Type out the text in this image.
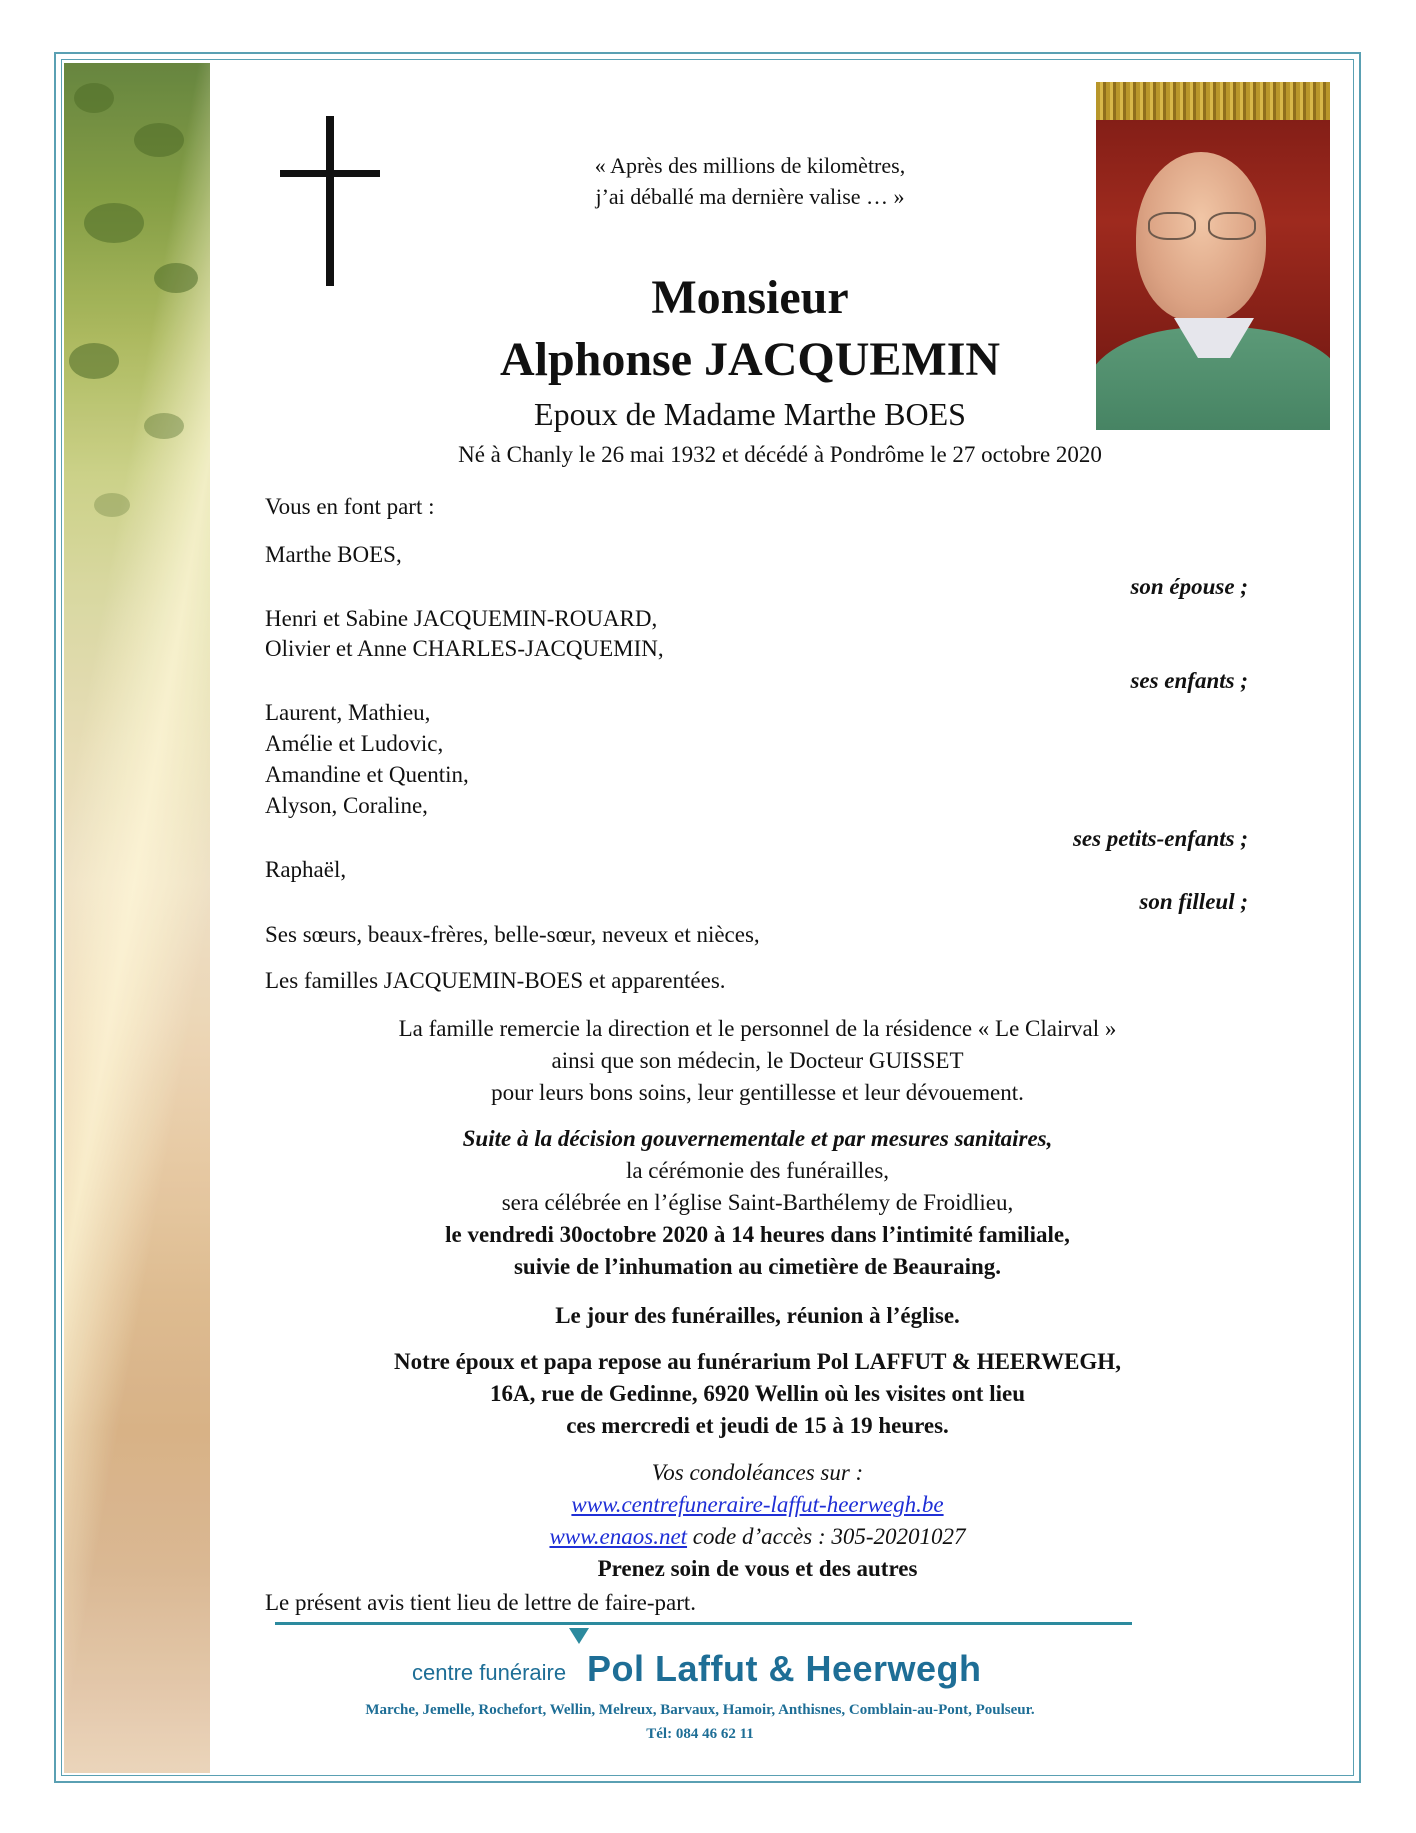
« Après des millions de kilomètres,
j’ai déballé ma dernière valise … »
Monsieur
Alphonse JACQUEMIN
Epoux de Madame Marthe BOES
Né à Chanly le 26 mai 1932 et décédé à Pondrôme le 27 octobre 2020
Vous en font part :
Marthe BOES,
son épouse ;
Henri et Sabine JACQUEMIN-ROUARD,
Olivier et Anne CHARLES-JACQUEMIN,
ses enfants ;
Laurent, Mathieu,
Amélie et Ludovic,
Amandine et Quentin,
Alyson, Coraline,
ses petits-enfants ;
Raphaël,
son filleul ;
Ses sœurs, beaux-frères, belle-sœur, neveux et nièces,
Les familles JACQUEMIN-BOES et apparentées.
La famille remercie la direction et le personnel de la résidence « Le Clairval »
ainsi que son médecin, le Docteur GUISSET
pour leurs bons soins, leur gentillesse et leur dévouement.
Suite à la décision gouvernementale et par mesures sanitaires,
la cérémonie des funérailles,
sera célébrée en l’église Saint-Barthélemy de Froidlieu,
le vendredi 30octobre 2020 à 14 heures dans l’intimité familiale,
suivie de l’inhumation au cimetière de Beauraing.
Le jour des funérailles, réunion à l’église.
Notre époux et papa repose au funérarium Pol LAFFUT & HEERWEGH,
16A, rue de Gedinne, 6920 Wellin où les visites ont lieu
ces mercredi et jeudi de 15 à 19 heures.
Vos condoléances sur :
www.centrefuneraire-laffut-heerwegh.be
www.enaos.net code d’accès : 305-20201027
Prenez soin de vous et des autres
Le présent avis tient lieu de lettre de faire-part.
centre funéraire Pol Laffut & Heerwegh
Marche, Jemelle, Rochefort, Wellin, Melreux, Barvaux, Hamoir, Anthisnes, Comblain-au-Pont, Poulseur.
Tél: 084 46 62 11
